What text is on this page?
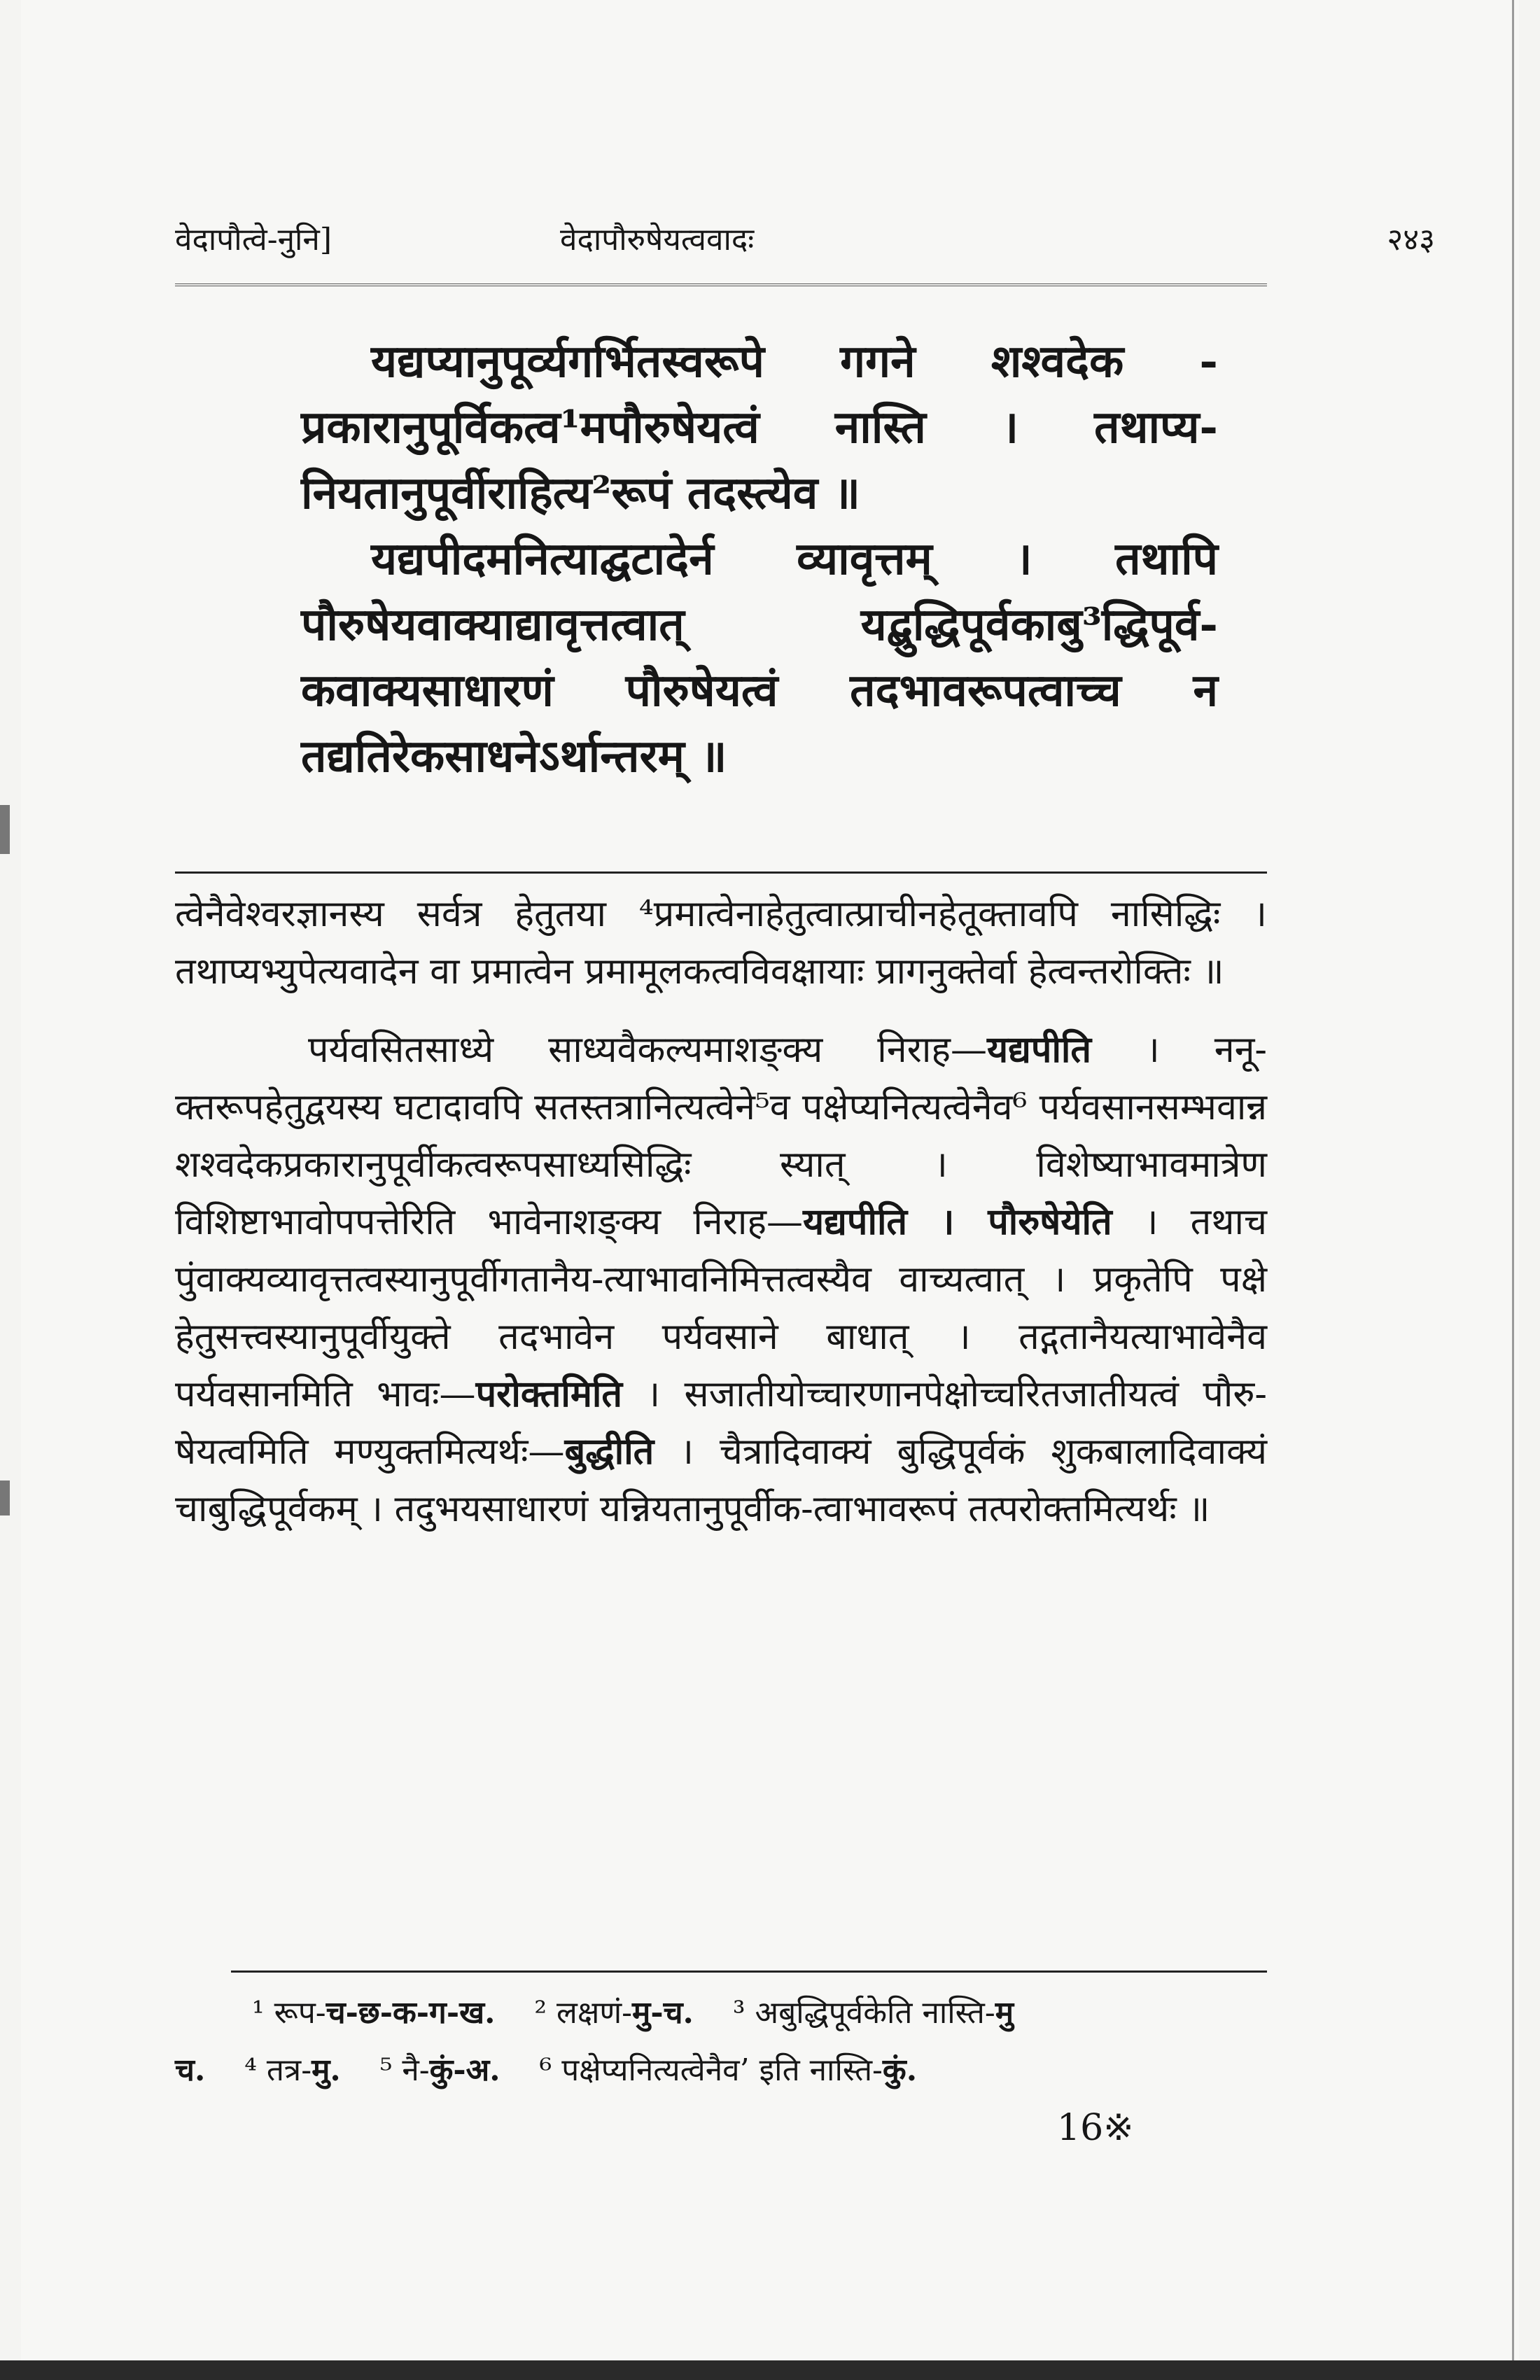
वेदापौत्वे-नुनि]	वेदापौरुषेयत्ववादः	२४३

यद्यप्यानुपूर्व्यगर्भितस्वरूपे गगने शश्वदेक - प्रकारानुपूर्विकत्व¹मपौरुषेयत्वं नास्ति । तथाप्य-नियतानुपूर्वीराहित्य²रूपं तदस्त्येव ॥

यद्यपीदमनित्याद्घटादेर्न व्यावृत्तम् । तथापि पौरुषेयवाक्याद्यावृत्तत्वात् यद्बुद्धिपूर्वकाबु³द्धिपूर्व-कवाक्यसाधारणं पौरुषेयत्वं तदभावरूपत्वाच्च न तद्यतिरेकसाधनेऽर्थान्तरम् ॥

त्वेनैवेश्वरज्ञानस्य सर्वत्र हेतुतया ⁴प्रमात्वेनाहेतुत्वात्प्राचीनहेतूक्तावपि नासिद्धिः । तथाप्यभ्युपेत्यवादेन वा प्रमात्वेन प्रमामूलकत्वविवक्षायाः प्रागनुक्तेर्वा हेत्वन्तरोक्तिः ॥

पर्यवसितसाध्ये साध्यवैकल्यमाशङ्क्य निराह—यद्यपीति । ननू-क्तरूपहेतुद्वयस्य घटादावपि सतस्तत्रानित्यत्वेने⁵व पक्षेप्यनित्यत्वेनैव⁶ पर्यवसानसम्भवान्न शश्वदेकप्रकारानुपूर्वीकत्वरूपसाध्यसिद्धिः स्यात् । विशेष्याभावमात्रेण विशिष्टाभावोपपत्तेरिति भावेनाशङ्क्य निराह—यद्यपीति । पौरुषेयेति । तथाच पुंवाक्यव्यावृत्तत्वस्यानुपूर्वीगतानैय-त्याभावनिमित्तत्वस्यैव वाच्यत्वात् । प्रकृतेपि पक्षे हेतुसत्त्वस्यानुपूर्वीयुक्ते तदभावेन पर्यवसाने बाधात् । तद्गतानैयत्याभावेनैव पर्यवसानमिति भावः—परोक्तमिति । सजातीयोच्चारणानपेक्षोच्चरितजातीयत्वं पौरु-षेयत्वमिति मण्युक्तमित्यर्थः—बुद्धीति । चैत्रादिवाक्यं बुद्धिपूर्वकं शुकबालादिवाक्यं चाबुद्धिपूर्वकम् । तदुभयसाधारणं यन्नियतानुपूर्वीक-त्वाभावरूपं तत्परोक्तमित्यर्थः ॥

¹ रूप-च-छ-क-ग-ख. ² लक्षणं-मु-च. ³ अबुद्धिपूर्वकेति नास्ति-मु

च. ⁴ तत्र-मु. ⁵ नै-कुं-अ. ⁶ पक्षेप्यनित्यत्वेनैव’ इति नास्ति-कुं.

16※
